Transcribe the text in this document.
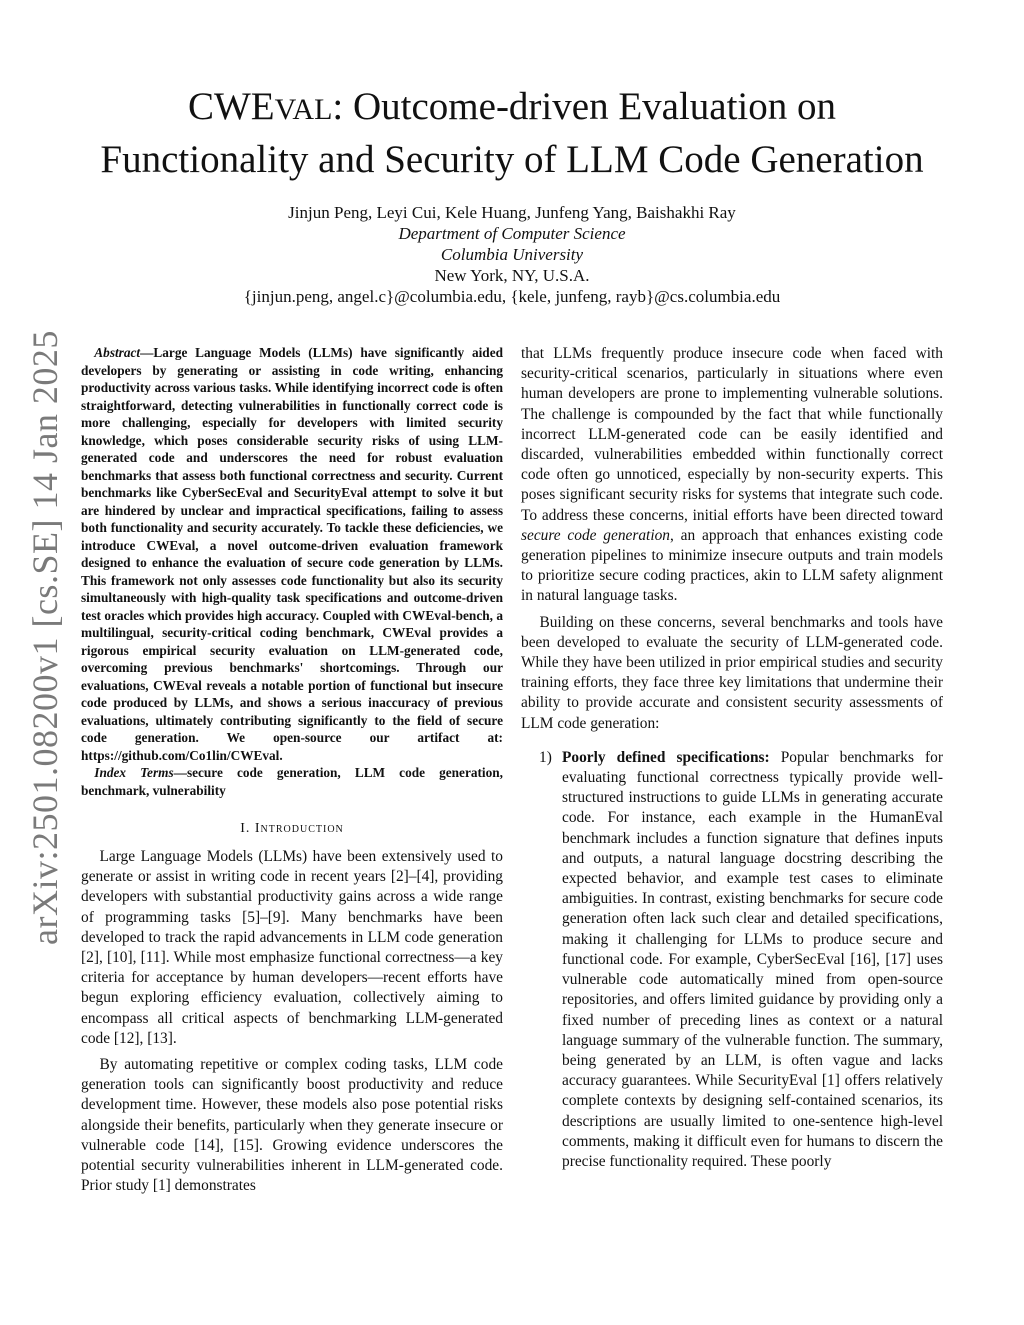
arXiv:2501.08200v1 [cs.SE] 14 Jan 2025
CWEVAL: Outcome-driven Evaluation on
Functionality and Security of LLM Code Generation
Jinjun Peng, Leyi Cui, Kele Huang, Junfeng Yang, Baishakhi Ray
Department of Computer Science
Columbia University
New York, NY, U.S.A.
{jinjun.peng, angel.c}@columbia.edu, {kele, junfeng, rayb}@cs.columbia.edu

Abstract—Large Language Models (LLMs) have significantly aided developers by generating or assisting in code writing, enhancing productivity across various tasks. While identifying incorrect code is often straightforward, detecting vulnerabilities in functionally correct code is more challenging, especially for developers with limited security knowledge, which poses considerable security risks of using LLM-generated code and underscores the need for robust evaluation benchmarks that assess both functional correctness and security. Current benchmarks like CyberSecEval and SecurityEval attempt to solve it but are hindered by unclear and impractical specifications, failing to assess both functionality and security accurately. To tackle these deficiencies, we introduce CWEval, a novel outcome-driven evaluation framework designed to enhance the evaluation of secure code generation by LLMs. This framework not only assesses code functionality but also its security simultaneously with high-quality task specifications and outcome-driven test oracles which provides high accuracy. Coupled with CWEval-bench, a multilingual, security-critical coding benchmark, CWEval provides a rigorous empirical security evaluation on LLM-generated code, overcoming previous benchmarks' shortcomings. Through our evaluations, CWEval reveals a notable portion of functional but insecure code produced by LLMs, and shows a serious inaccuracy of previous evaluations, ultimately contributing significantly to the field of secure code generation. We open-source our artifact at: https://github.com/Co1lin/CWEval.

Index Terms—secure code generation, LLM code generation, benchmark, vulnerability

I. Introduction

Large Language Models (LLMs) have been extensively used to generate or assist in writing code in recent years [2]–[4], providing developers with substantial productivity gains across a wide range of programming tasks [5]–[9]. Many benchmarks have been developed to track the rapid advancements in LLM code generation [2], [10], [11]. While most emphasize functional correctness—a key criteria for acceptance by human developers—recent efforts have begun exploring efficiency evaluation, collectively aiming to encompass all critical aspects of benchmarking LLM-generated code [12], [13].

By automating repetitive or complex coding tasks, LLM code generation tools can significantly boost productivity and reduce development time. However, these models also pose potential risks alongside their benefits, particularly when they generate insecure or vulnerable code [14], [15]. Growing evidence underscores the potential security vulnerabilities inherent in LLM-generated code. Prior study [1] demonstrates

that LLMs frequently produce insecure code when faced with security-critical scenarios, particularly in situations where even human developers are prone to implementing vulnerable solutions. The challenge is compounded by the fact that while functionally incorrect LLM-generated code can be easily identified and discarded, vulnerabilities embedded within functionally correct code often go unnoticed, especially by non-security experts. This poses significant security risks for systems that integrate such code. To address these concerns, initial efforts have been directed toward secure code generation, an approach that enhances existing code generation pipelines to minimize insecure outputs and train models to prioritize secure coding practices, akin to LLM safety alignment in natural language tasks.

Building on these concerns, several benchmarks and tools have been developed to evaluate the security of LLM-generated code. While they have been utilized in prior empirical studies and security training efforts, they face three key limitations that undermine their ability to provide accurate and consistent security assessments of LLM code generation:

1) Poorly defined specifications: Popular benchmarks for evaluating functional correctness typically provide well-structured instructions to guide LLMs in generating accurate code. For instance, each example in the HumanEval benchmark includes a function signature that defines inputs and outputs, a natural language docstring describing the expected behavior, and example test cases to eliminate ambiguities. In contrast, existing benchmarks for secure code generation often lack such clear and detailed specifications, making it challenging for LLMs to produce secure and functional code. For example, CyberSecEval [16], [17] uses vulnerable code automatically mined from open-source repositories, and offers limited guidance by providing only a fixed number of preceding lines as context or a natural language summary of the vulnerable function. The summary, being generated by an LLM, is often vague and lacks accuracy guarantees. While SecurityEval [1] offers relatively complete contexts by designing self-contained scenarios, its descriptions are usually limited to one-sentence high-level comments, making it difficult even for humans to discern the precise functionality required. These poorly
